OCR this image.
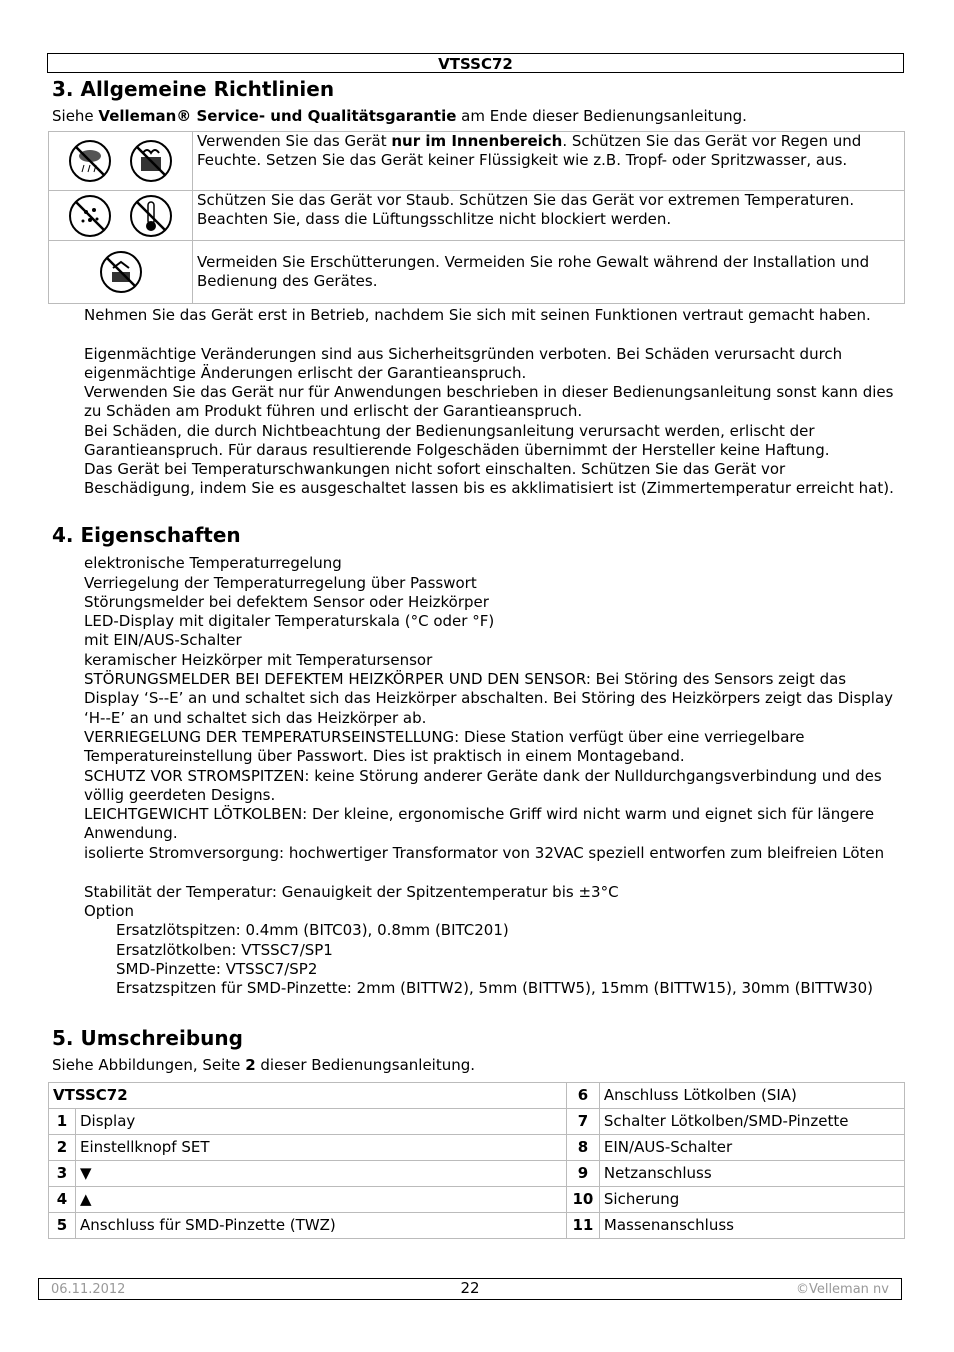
VTSSC72
3. Allgemeine Richtlinien

Siehe Velleman® Service- und Qualitätsgarantie am Ende dieser Bedienungsanleitung.

	Verwenden Sie das Gerät nur im Innenbereich. Schützen Sie das Gerät vor Regen und Feuchte. Setzen Sie das Gerät keiner Flüssigkeit wie z.B. Tropf- oder Spritzwasser, aus.
	Schützen Sie das Gerät vor Staub. Schützen Sie das Gerät vor extremen Temperaturen. Beachten Sie, dass die Lüftungsschlitze nicht blockiert werden.
	Vermeiden Sie Erschütterungen. Vermeiden Sie rohe Gewalt während der Installation und Bedienung des Gerätes.

Nehmen Sie das Gerät erst in Betrieb, nachdem Sie sich mit seinen Funktionen vertraut gemacht haben.

Eigenmächtige Veränderungen sind aus Sicherheitsgründen verboten. Bei Schäden verursacht durch eigenmächtige Änderungen erlischt der Garantieanspruch.

Verwenden Sie das Gerät nur für Anwendungen beschrieben in dieser Bedienungsanleitung sonst kann dies zu Schäden am Produkt führen und erlischt der Garantieanspruch.

Bei Schäden, die durch Nichtbeachtung der Bedienungsanleitung verursacht werden, erlischt der Garantieanspruch. Für daraus resultierende Folgeschäden übernimmt der Hersteller keine Haftung.

Das Gerät bei Temperaturschwankungen nicht sofort einschalten. Schützen Sie das Gerät vor Beschädigung, indem Sie es ausgeschaltet lassen bis es akklimatisiert ist (Zimmertemperatur erreicht hat).

4. Eigenschaften

elektronische Temperaturregelung

Verriegelung der Temperaturregelung über Passwort

Störungsmelder bei defektem Sensor oder Heizkörper

LED-Display mit digitaler Temperaturskala (°C oder °F)

mit EIN/AUS-Schalter

keramischer Heizkörper mit Temperatursensor

STÖRUNGSMELDER BEI DEFEKTEM HEIZKÖRPER UND DEN SENSOR: Bei Störing des Sensors zeigt das Display ‘S--E’ an und schaltet sich das Heizkörper abschalten. Bei Störing des Heizkörpers zeigt das Display ‘H--E’ an und schaltet sich das Heizkörper ab.

VERRIEGELUNG DER TEMPERATURSEINSTELLUNG: Diese Station verfügt über eine verriegelbare Temperatureinstellung über Passwort. Dies ist praktisch in einem Montageband.

SCHUTZ VOR STROMSPITZEN: keine Störung anderer Geräte dank der Nulldurchgangsverbindung und des völlig geerdeten Designs.

LEICHTGEWICHT LÖTKOLBEN: Der kleine, ergonomische Griff wird nicht warm und eignet sich für längere Anwendung.

isolierte Stromversorgung: hochwertiger Transformator von 32VAC speziell entworfen zum bleifreien Löten

Stabilität der Temperatur: Genauigkeit der Spitzentemperatur bis ±3°C

Option

Ersatzlötspitzen: 0.4mm (BITC03), 0.8mm (BITC201)

Ersatzlötkolben: VTSSC7/SP1

SMD-Pinzette: VTSSC7/SP2

Ersatzspitzen für SMD-Pinzette: 2mm (BITTW2), 5mm (BITTW5), 15mm (BITTW15), 30mm (BITTW30)

5. Umschreibung

Siehe Abbildungen, Seite 2 dieser Bedienungsanleitung.

VTSSC72		6	Anschluss Lötkolben (SIA)
1	Display	7	Schalter Lötkolben/SMD-Pinzette
2	Einstellknopf SET	8	EIN/AUS-Schalter
3	▼	9	Netzanschluss
4	▲	10	Sicherung
5	Anschluss für SMD-Pinzette (TWZ)	11	Massenanschluss
06.11.2012	22	©Velleman nv
